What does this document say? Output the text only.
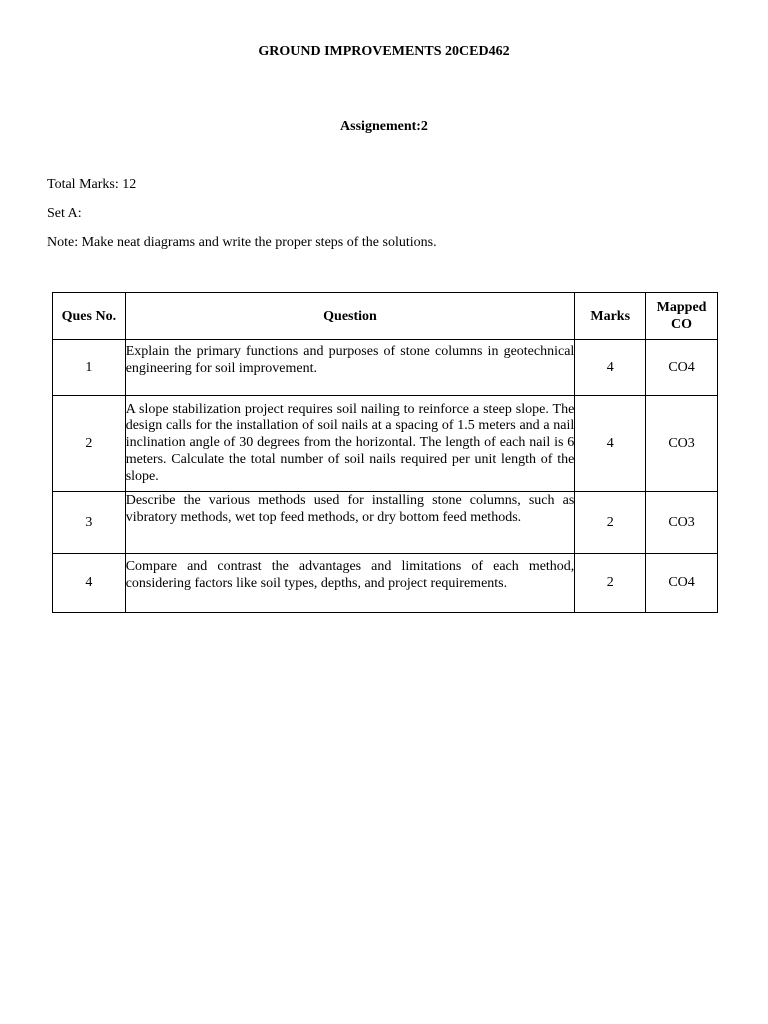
GROUND IMPROVEMENTS 20CED462
Assignement:2
Total Marks: 12
Set A:
Note: Make neat diagrams and write the proper steps of the solutions.
Ques No.	Question	Marks	Mapped CO
1	Explain the primary functions and purposes of stone columns in geotechnical engineering for soil improvement.	4	CO4
2	A slope stabilization project requires soil nailing to reinforce a steep slope. The design calls for the installation of soil nails at a spacing of 1.5 meters and a nail inclination angle of 30 degrees from the horizontal. The length of each nail is 6 meters. Calculate the total number of soil nails required per unit length of the slope.	4	CO3
3	Describe the various methods used for installing stone columns, such as vibratory methods, wet top feed methods, or dry bottom feed methods.	2	CO3
4	Compare and contrast the advantages and limitations of each method, considering factors like soil types, depths, and project requirements.	2	CO4
